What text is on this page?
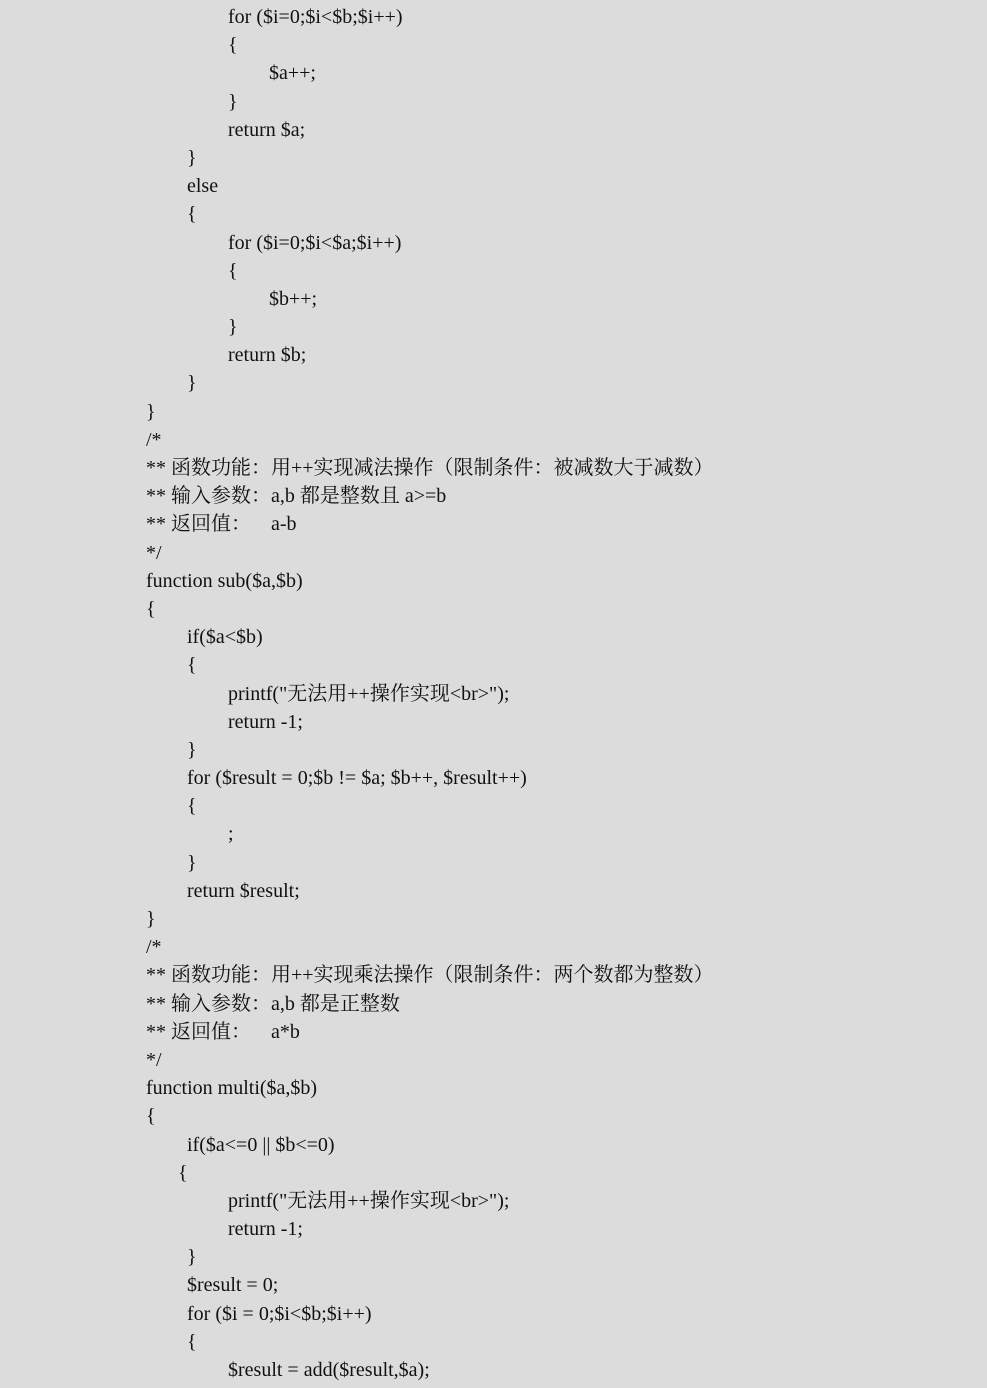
for ($i=0;$i<$b;$i++)
{
$a++;
}
return $a;
}
else
{
for ($i=0;$i<$a;$i++)
{
$b++;
}
return $b;
}
}
/*
** 函数功能：用++实现减法操作（限制条件：被减数大于减数）
** 输入参数：a,b 都是整数且 a>=b
** 返回值：    a-b
*/
function sub($a,$b)
{
if($a<$b)
{
printf("无法用++操作实现<br>");
return -1;
}
for ($result = 0;$b != $a; $b++, $result++)
{
;
}
return $result;
}
/*
** 函数功能：用++实现乘法操作（限制条件：两个数都为整数）
** 输入参数：a,b 都是正整数
** 返回值：    a*b
*/
function multi($a,$b)
{
if($a<=0 || $b<=0)
{
printf("无法用++操作实现<br>");
return -1;
}
$result = 0;
for ($i = 0;$i<$b;$i++)
{
$result = add($result,$a);
